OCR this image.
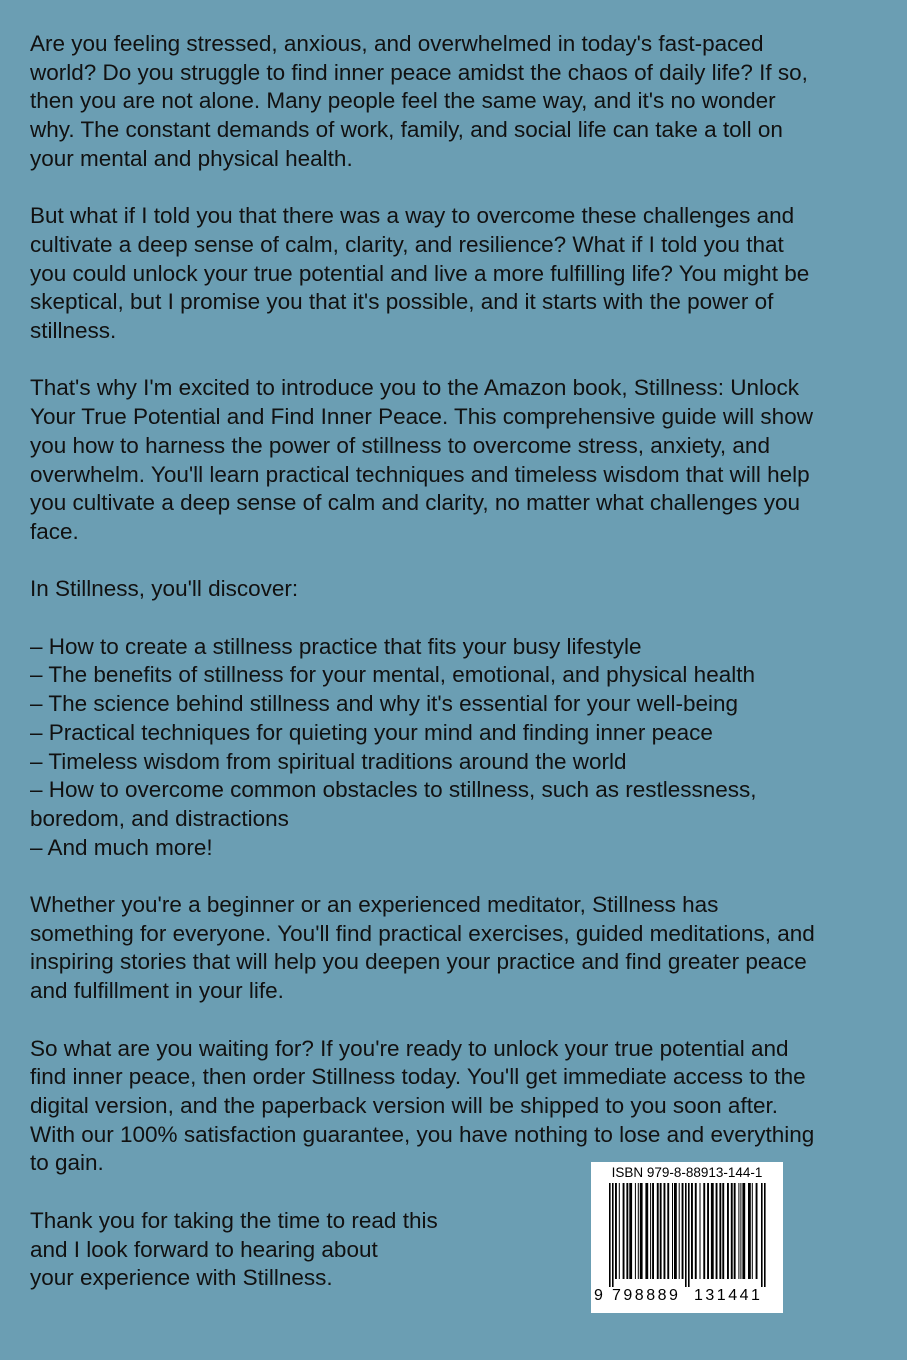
Are you feeling stressed, anxious, and overwhelmed in today's fast-paced
world? Do you struggle to find inner peace amidst the chaos of daily life? If so,
then you are not alone. Many people feel the same way, and it's no wonder
why. The constant demands of work, family, and social life can take a toll on
your mental and physical health.

But what if I told you that there was a way to overcome these challenges and
cultivate a deep sense of calm, clarity, and resilience? What if I told you that
you could unlock your true potential and live a more fulfilling life? You might be
skeptical, but I promise you that it's possible, and it starts with the power of
stillness.

That's why I'm excited to introduce you to the Amazon book, Stillness: Unlock
Your True Potential and Find Inner Peace. This comprehensive guide will show
you how to harness the power of stillness to overcome stress, anxiety, and
overwhelm. You'll learn practical techniques and timeless wisdom that will help
you cultivate a deep sense of calm and clarity, no matter what challenges you
face.

In Stillness, you'll discover:

– How to create a stillness practice that fits your busy lifestyle
– The benefits of stillness for your mental, emotional, and physical health
– The science behind stillness and why it's essential for your well-being
– Practical techniques for quieting your mind and finding inner peace
– Timeless wisdom from spiritual traditions around the world
– How to overcome common obstacles to stillness, such as restlessness,
boredom, and distractions
– And much more!

Whether you're a beginner or an experienced meditator, Stillness has
something for everyone. You'll find practical exercises, guided meditations, and
inspiring stories that will help you deepen your practice and find greater peace
and fulfillment in your life.

So what are you waiting for? If you're ready to unlock your true potential and
find inner peace, then order Stillness today. You'll get immediate access to the
digital version, and the paperback version will be shipped to you soon after.
With our 100% satisfaction guarantee, you have nothing to lose and everything
to gain.

Thank you for taking the time to read this
and I look forward to hearing about
your experience with Stillness.
ISBN 979-8-88913-144-1
9 798889 131441
